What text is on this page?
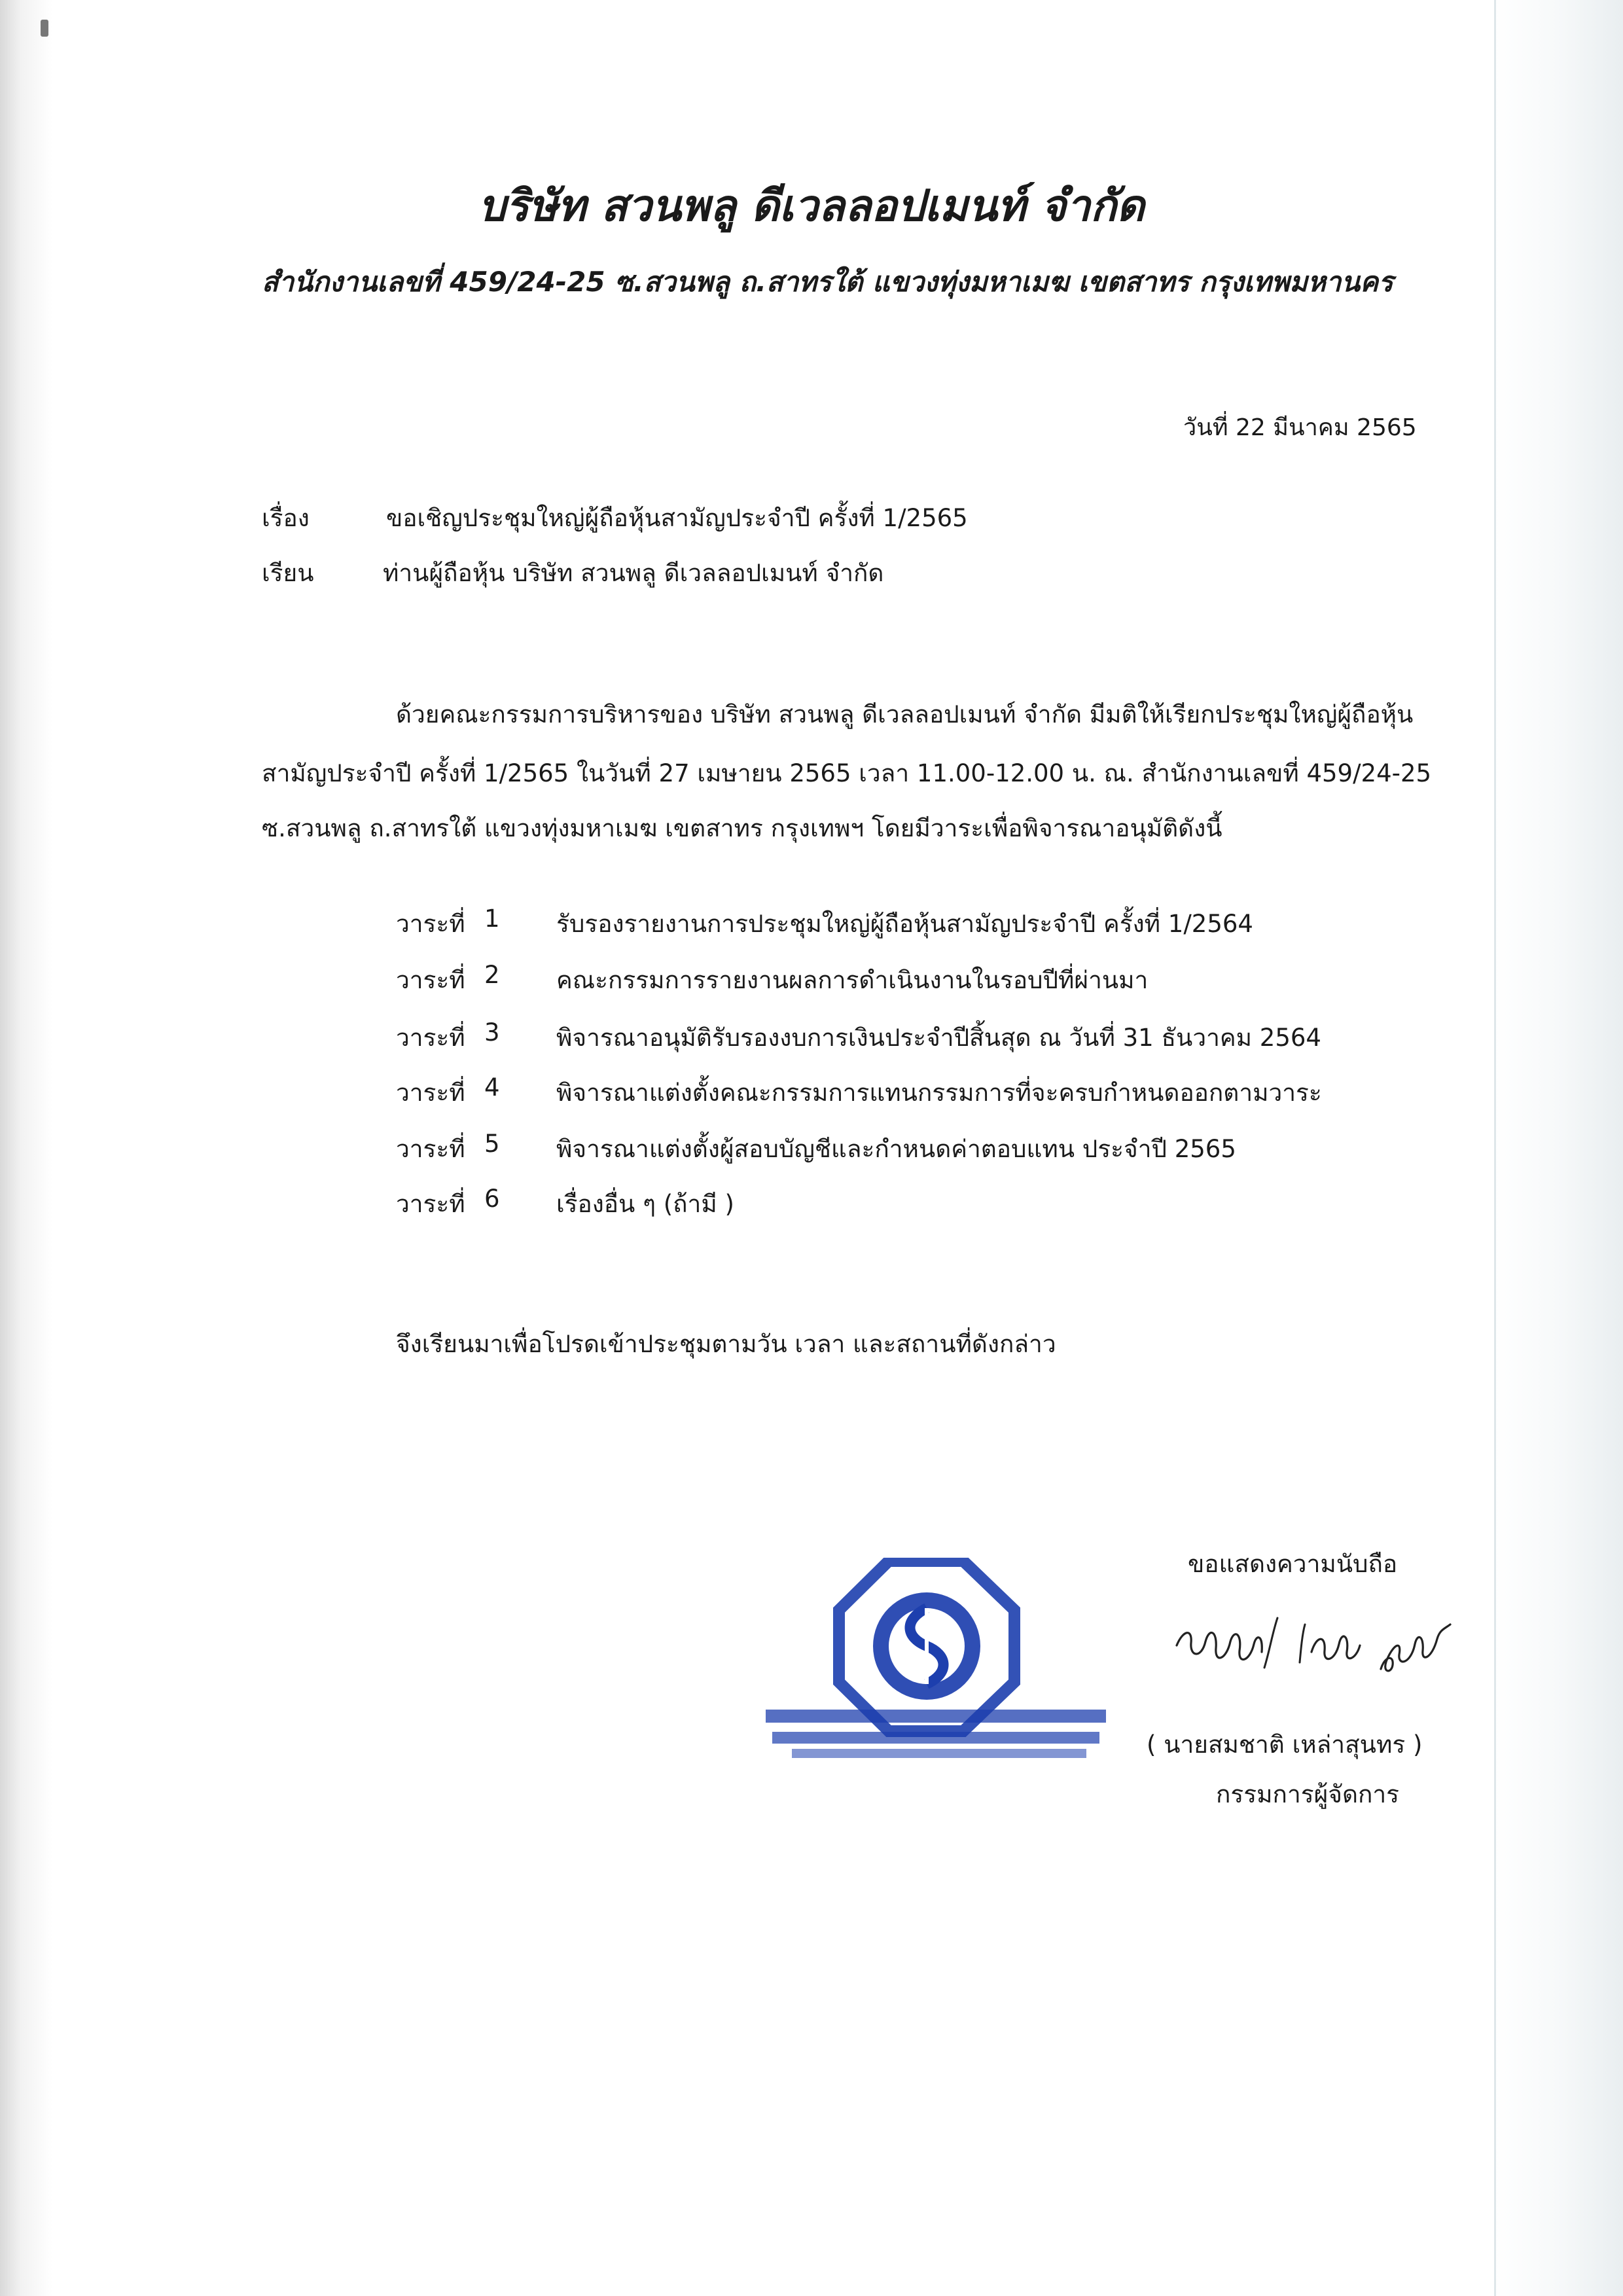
บริษัท สวนพลู ดีเวลลอปเมนท์ จำกัด
สำนักงานเลขที่ 459/24-25 ซ.สวนพลู ถ.สาทรใต้ แขวงทุ่งมหาเมฆ เขตสาทร กรุงเทพมหานคร
วันที่ 22 มีนาคม 2565
เรื่อง	ขอเชิญประชุมใหญ่ผู้ถือหุ้นสามัญประจำปี ครั้งที่ 1/2565
เรียน	ท่านผู้ถือหุ้น บริษัท สวนพลู ดีเวลลอปเมนท์ จำกัด
ด้วยคณะกรรมการบริหารของ บริษัท สวนพลู ดีเวลลอปเมนท์ จำกัด มีมติให้เรียกประชุมใหญ่ผู้ถือหุ้น
สามัญประจำปี ครั้งที่ 1/2565 ในวันที่ 27 เมษายน 2565 เวลา 11.00-12.00 น. ณ. สำนักงานเลขที่ 459/24-25
ซ.สวนพลู ถ.สาทรใต้ แขวงทุ่งมหาเมฆ เขตสาทร กรุงเทพฯ โดยมีวาระเพื่อพิจารณาอนุมัติดังนี้
วาระที่ 1 รับรองรายงานการประชุมใหญ่ผู้ถือหุ้นสามัญประจำปี ครั้งที่ 1/2564
วาระที่ 2 คณะกรรมการรายงานผลการดำเนินงานในรอบปีที่ผ่านมา
วาระที่ 3 พิจารณาอนุมัติรับรองงบการเงินประจำปีสิ้นสุด ณ วันที่ 31 ธันวาคม 2564
วาระที่ 4 พิจารณาแต่งตั้งคณะกรรมการแทนกรรมการที่จะครบกำหนดออกตามวาระ
วาระที่ 5 พิจารณาแต่งตั้งผู้สอบบัญชีและกำหนดค่าตอบแทน ประจำปี 2565
วาระที่ 6 เรื่องอื่น ๆ (ถ้ามี )
จึงเรียนมาเพื่อโปรดเข้าประชุมตามวัน เวลา และสถานที่ดังกล่าว
ขอแสดงความนับถือ
( นายสมชาติ เหล่าสุนทร )
กรรมการผู้จัดการ
